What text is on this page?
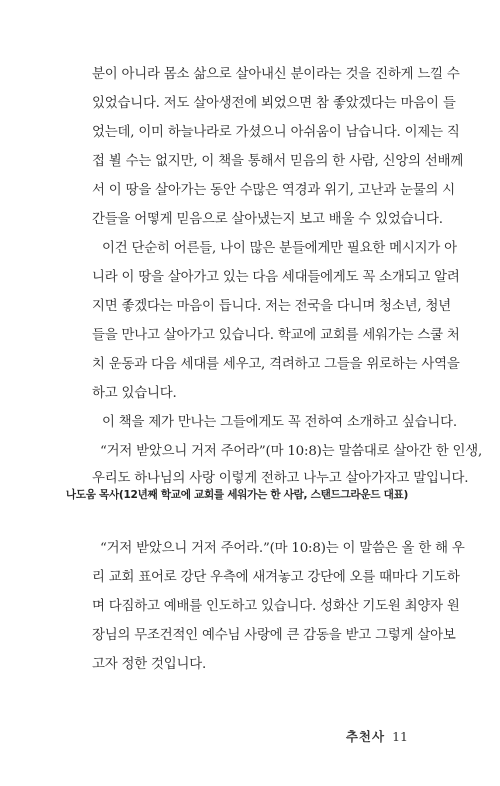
분이 아니라 몸소 삶으로 살아내신 분이라는 것을 진하게 느낄 수
있었습니다. 저도 살아생전에 뵈었으면 참 좋았겠다는 마음이 들
었는데, 이미 하늘나라로 가셨으니 아쉬움이 남습니다. 이제는 직
접 뵐 수는 없지만, 이 책을 통해서 믿음의 한 사람, 신앙의 선배께
서 이 땅을 살아가는 동안 수많은 역경과 위기, 고난과 눈물의 시
간들을 어떻게 믿음으로 살아냈는지 보고 배울 수 있었습니다.
이건 단순히 어른들, 나이 많은 분들에게만 필요한 메시지가 아
니라 이 땅을 살아가고 있는 다음 세대들에게도 꼭 소개되고 알려
지면 좋겠다는 마음이 듭니다. 저는 전국을 다니며 청소년, 청년
들을 만나고 살아가고 있습니다. 학교에 교회를 세워가는 스쿨 처
치 운동과 다음 세대를 세우고, 격려하고 그들을 위로하는 사역을
하고 있습니다.
이 책을 제가 만나는 그들에게도 꼭 전하여 소개하고 싶습니다.
“거저 받았으니 거저 주어라”(마 10:8)는 말씀대로 살아간 한 인생,
우리도 하나님의 사랑 이렇게 전하고 나누고 살아가자고 말입니다.
나도움 목사(12년째 학교에 교회를 세워가는 한 사람, 스탠드그라운드 대표)
“거저 받았으니 거저 주어라.”(마 10:8)는 이 말씀은 올 한 해 우
리 교회 표어로 강단 우측에 새겨놓고 강단에 오를 때마다 기도하
며 다짐하고 예배를 인도하고 있습니다. 성화산 기도원 최양자 원
장님의 무조건적인 예수님 사랑에 큰 감동을 받고 그렇게 살아보
고자 정한 것입니다.
추천사 11
